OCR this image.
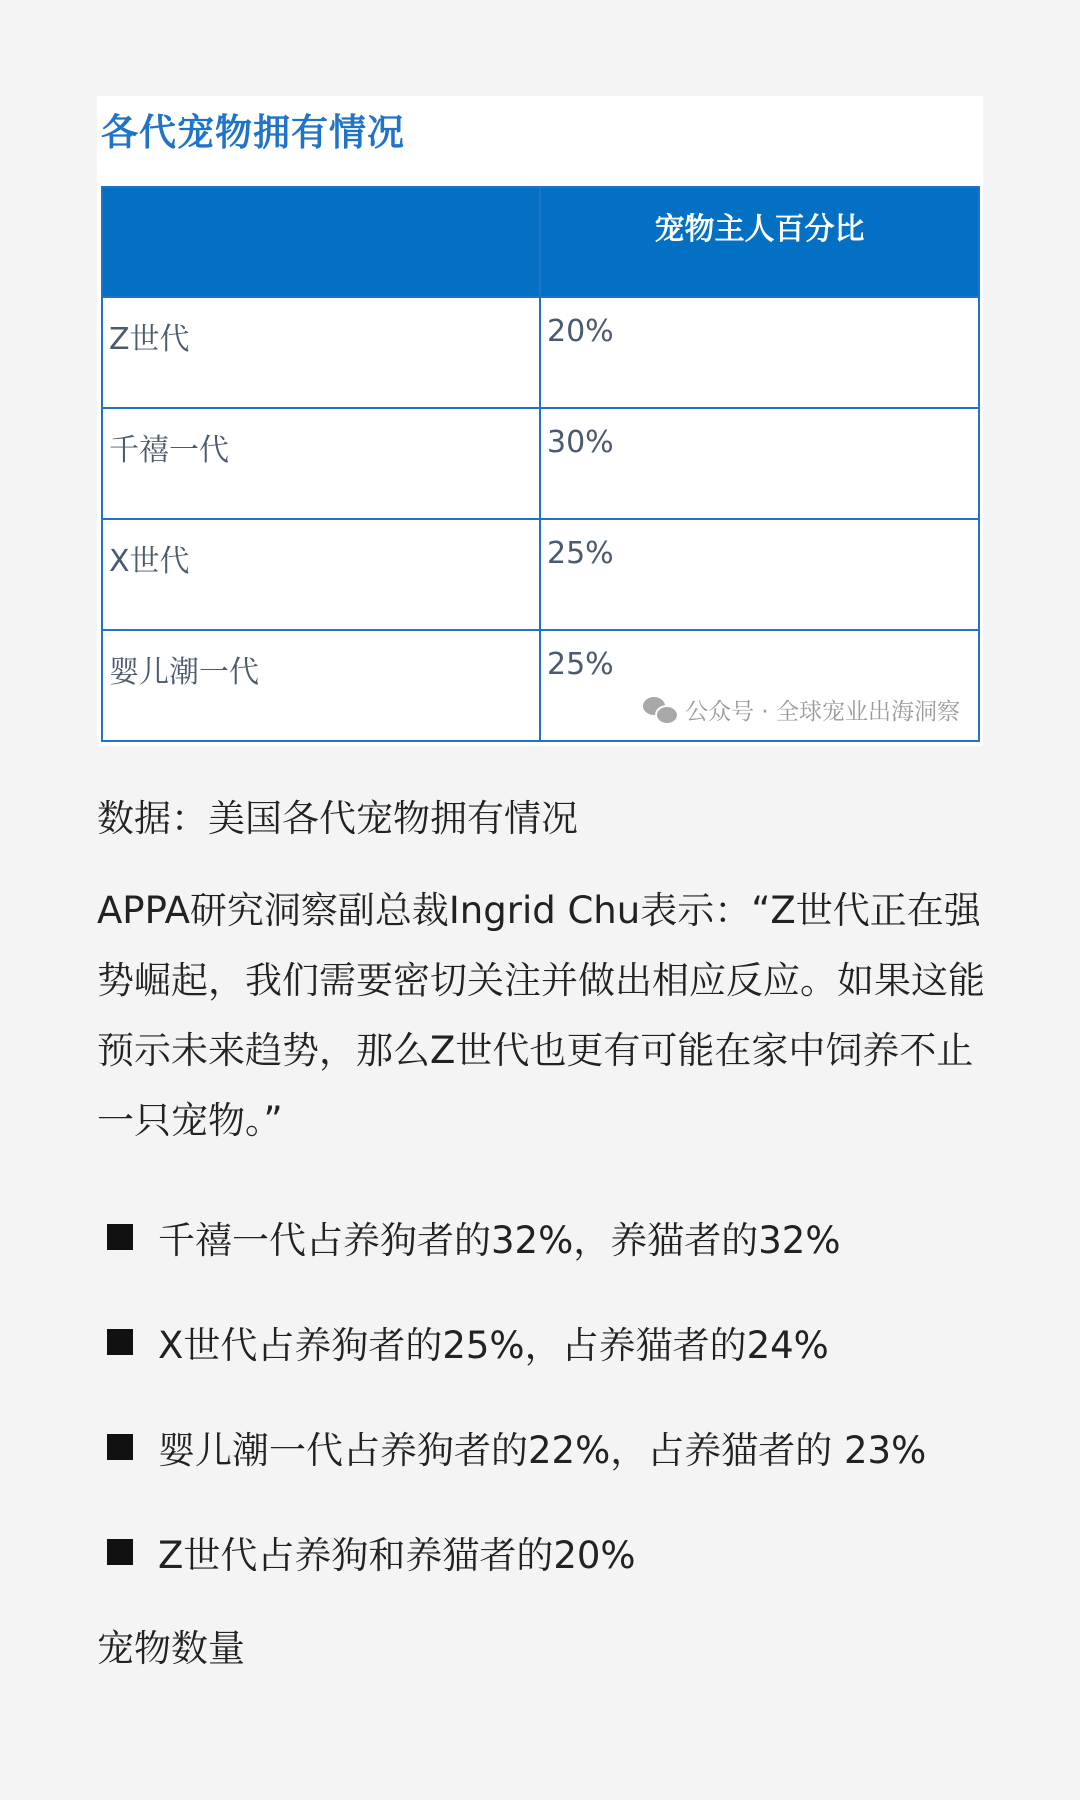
各代宠物拥有情况
	宠物主人百分比
Z世代	20%
千禧一代	30%
X世代	25%
婴儿潮一代	25%
公众号 · 全球宠业出海洞察
数据：美国各代宠物拥有情况
APPA研究洞察副总裁Ingrid Chu表示：“Z世代正在强势崛起，我们需要密切关注并做出相应反应。如果这能预示未来趋势，那么Z世代也更有可能在家中饲养不止一只宠物。”
千禧一代占养狗者的32%，养猫者的32%
X世代占养狗者的25%，占养猫者的24%
婴儿潮一代占养狗者的22%，占养猫者的 23%
Z世代占养狗和养猫者的20%
宠物数量
